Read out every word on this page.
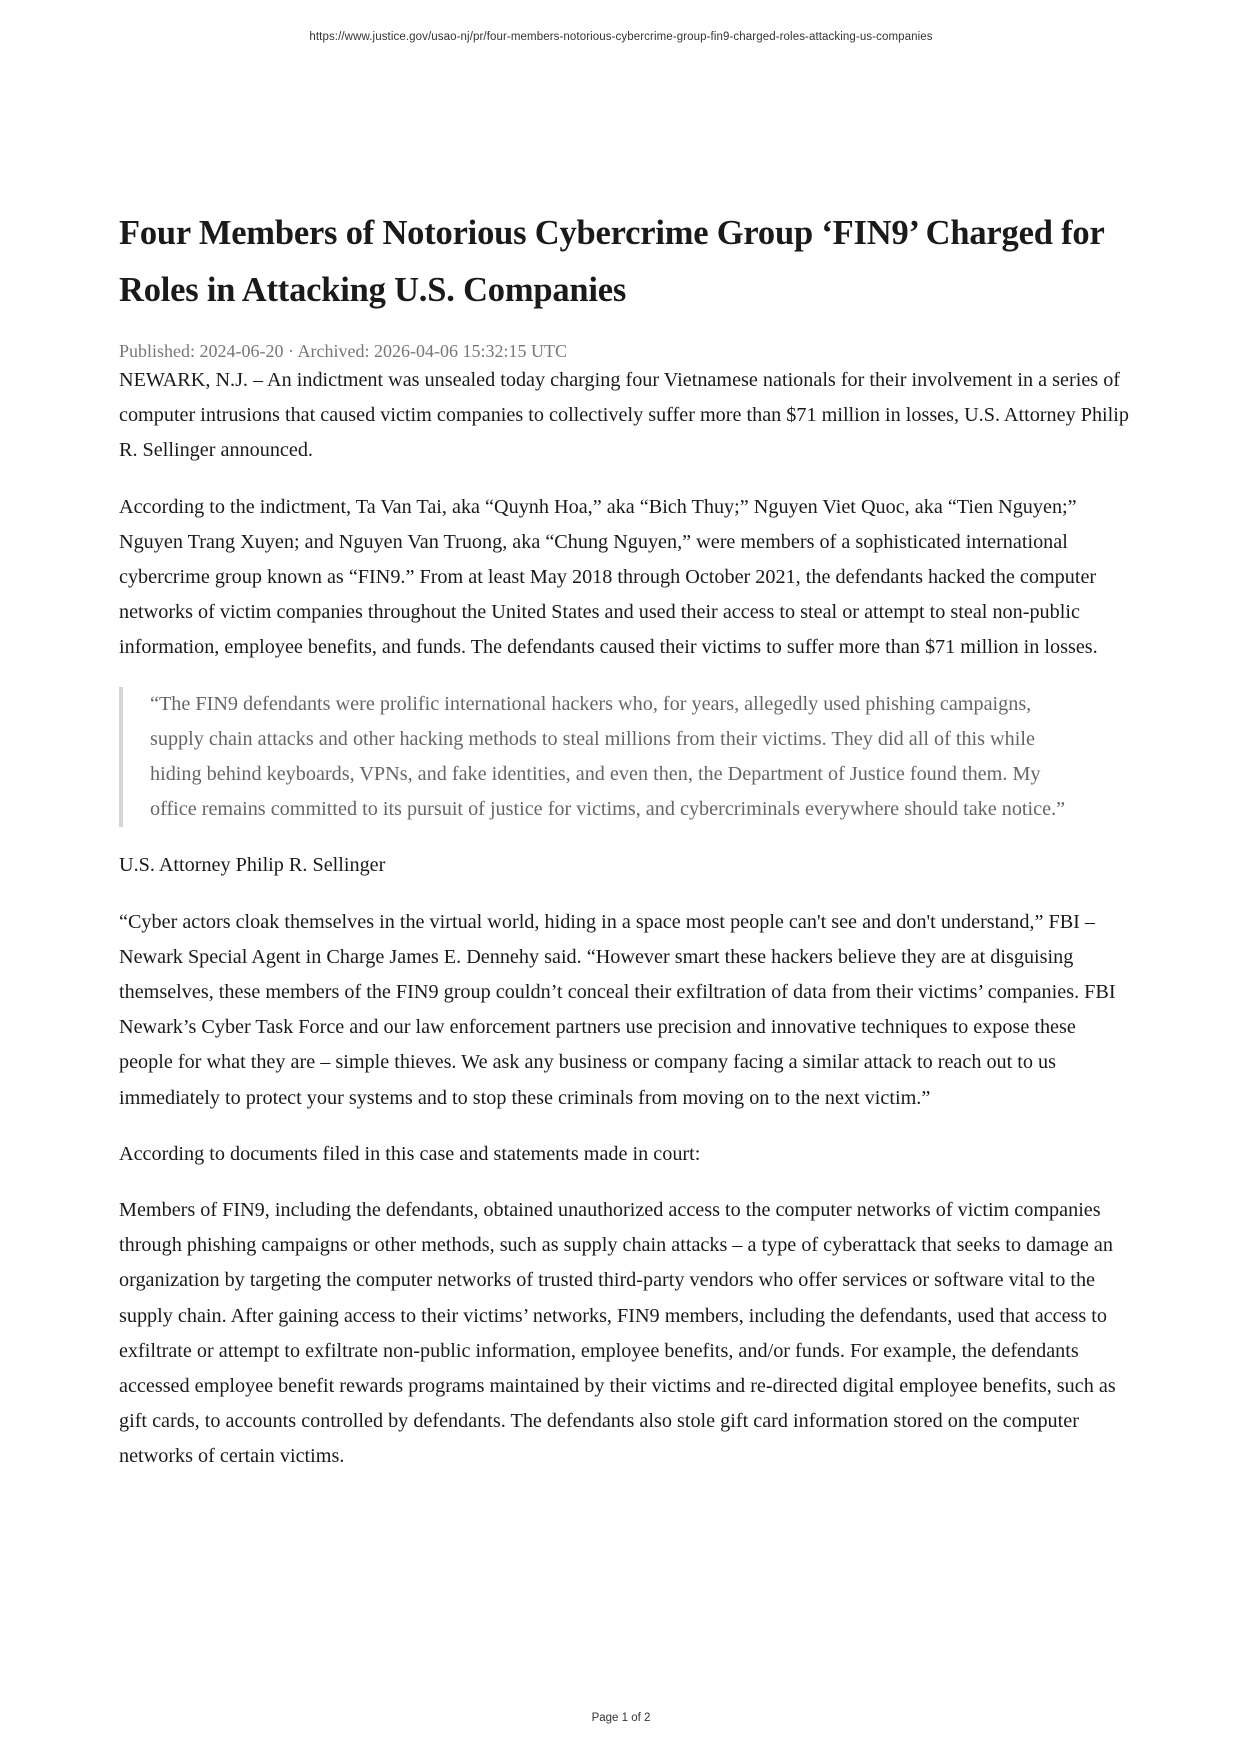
https://www.justice.gov/usao-nj/pr/four-members-notorious-cybercrime-group-fin9-charged-roles-attacking-us-companies
Four Members of Notorious Cybercrime Group ‘FIN9’ Charged for Roles in Attacking U.S. Companies
Published: 2024-06-20 · Archived: 2026-04-06 15:32:15 UTC

NEWARK, N.J. – An indictment was unsealed today charging four Vietnamese nationals for their involvement in a series of computer intrusions that caused victim companies to collectively suffer more than $71 million in losses, U.S. Attorney Philip R. Sellinger announced.

According to the indictment, Ta Van Tai, aka “Quynh Hoa,” aka “Bich Thuy;” Nguyen Viet Quoc, aka “Tien Nguyen;” Nguyen Trang Xuyen; and Nguyen Van Truong, aka “Chung Nguyen,” were members of a sophisticated international cybercrime group known as “FIN9.” From at least May 2018 through October 2021, the defendants hacked the computer networks of victim companies throughout the United States and used their access to steal or attempt to steal non-public information, employee benefits, and funds. The defendants caused their victims to suffer more than $71 million in losses.

“The FIN9 defendants were prolific international hackers who, for years, allegedly used phishing campaigns, supply chain attacks and other hacking methods to steal millions from their victims. They did all of this while hiding behind keyboards, VPNs, and fake identities, and even then, the Department of Justice found them. My office remains committed to its pursuit of justice for victims, and cybercriminals everywhere should take notice.”

U.S. Attorney Philip R. Sellinger

“Cyber actors cloak themselves in the virtual world, hiding in a space most people can't see and don't understand,” FBI – Newark Special Agent in Charge James E. Dennehy said. “However smart these hackers believe they are at disguising themselves, these members of the FIN9 group couldn’t conceal their exfiltration of data from their victims’ companies. FBI Newark’s Cyber Task Force and our law enforcement partners use precision and innovative techniques to expose these people for what they are – simple thieves. We ask any business or company facing a similar attack to reach out to us immediately to protect your systems and to stop these criminals from moving on to the next victim.”

According to documents filed in this case and statements made in court:

Members of FIN9, including the defendants, obtained unauthorized access to the computer networks of victim companies through phishing campaigns or other methods, such as supply chain attacks – a type of cyberattack that seeks to damage an organization by targeting the computer networks of trusted third-party vendors who offer services or software vital to the supply chain. After gaining access to their victims’ networks, FIN9 members, including the defendants, used that access to exfiltrate or attempt to exfiltrate non-public information, employee benefits, and/or funds. For example, the defendants accessed employee benefit rewards programs maintained by their victims and re-directed digital employee benefits, such as gift cards, to accounts controlled by defendants. The defendants also stole gift card information stored on the computer networks of certain victims.

Page 1 of 2
